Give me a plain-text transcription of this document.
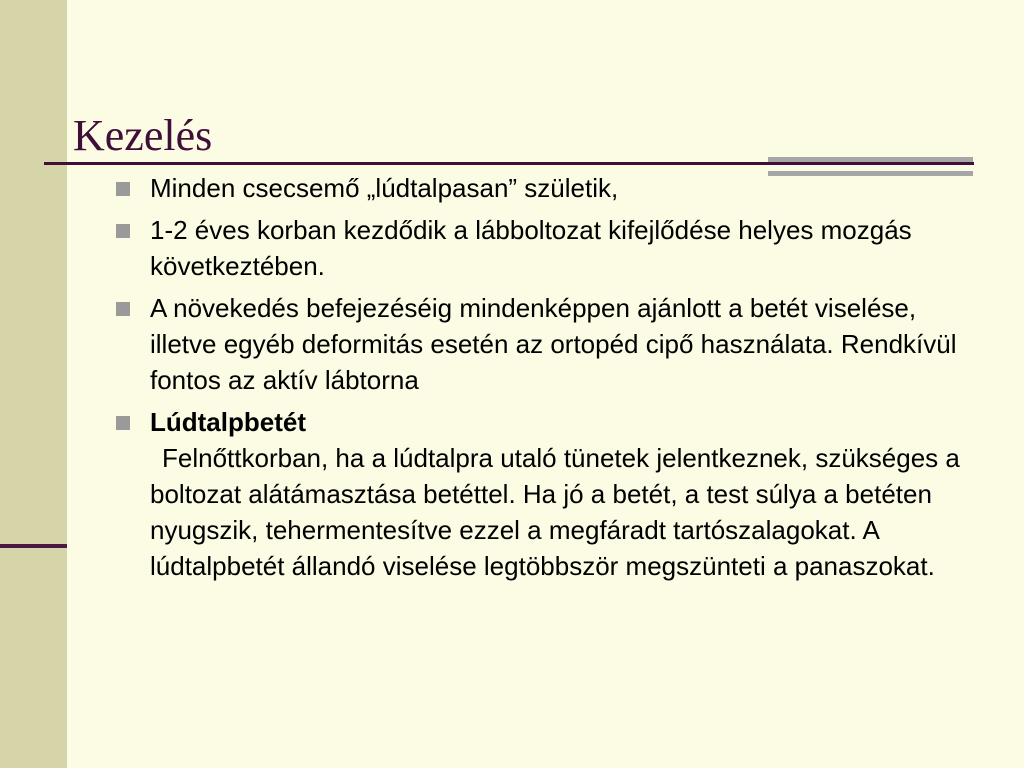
Kezelés
Minden csecsemő „lúdtalpasan” születik,
1-2 éves korban kezdődik a lábboltozat kifejlődése helyes mozgás következtében.
A növekedés befejezéséig mindenképpen ajánlott a betét viselése, illetve egyéb deformitás esetén az ortopéd cipő használata. Rendkívül fontos az aktív lábtorna
Lúdtalpbetét
Felnőttkorban, ha a lúdtalpra utaló tünetek jelentkeznek, szükséges a boltozat alátámasztása betéttel. Ha jó a betét, a test súlya a betéten nyugszik, tehermentesítve ezzel a megfáradt tartószalagokat. A lúdtalpbetét állandó viselése legtöbbször megszünteti a panaszokat.
